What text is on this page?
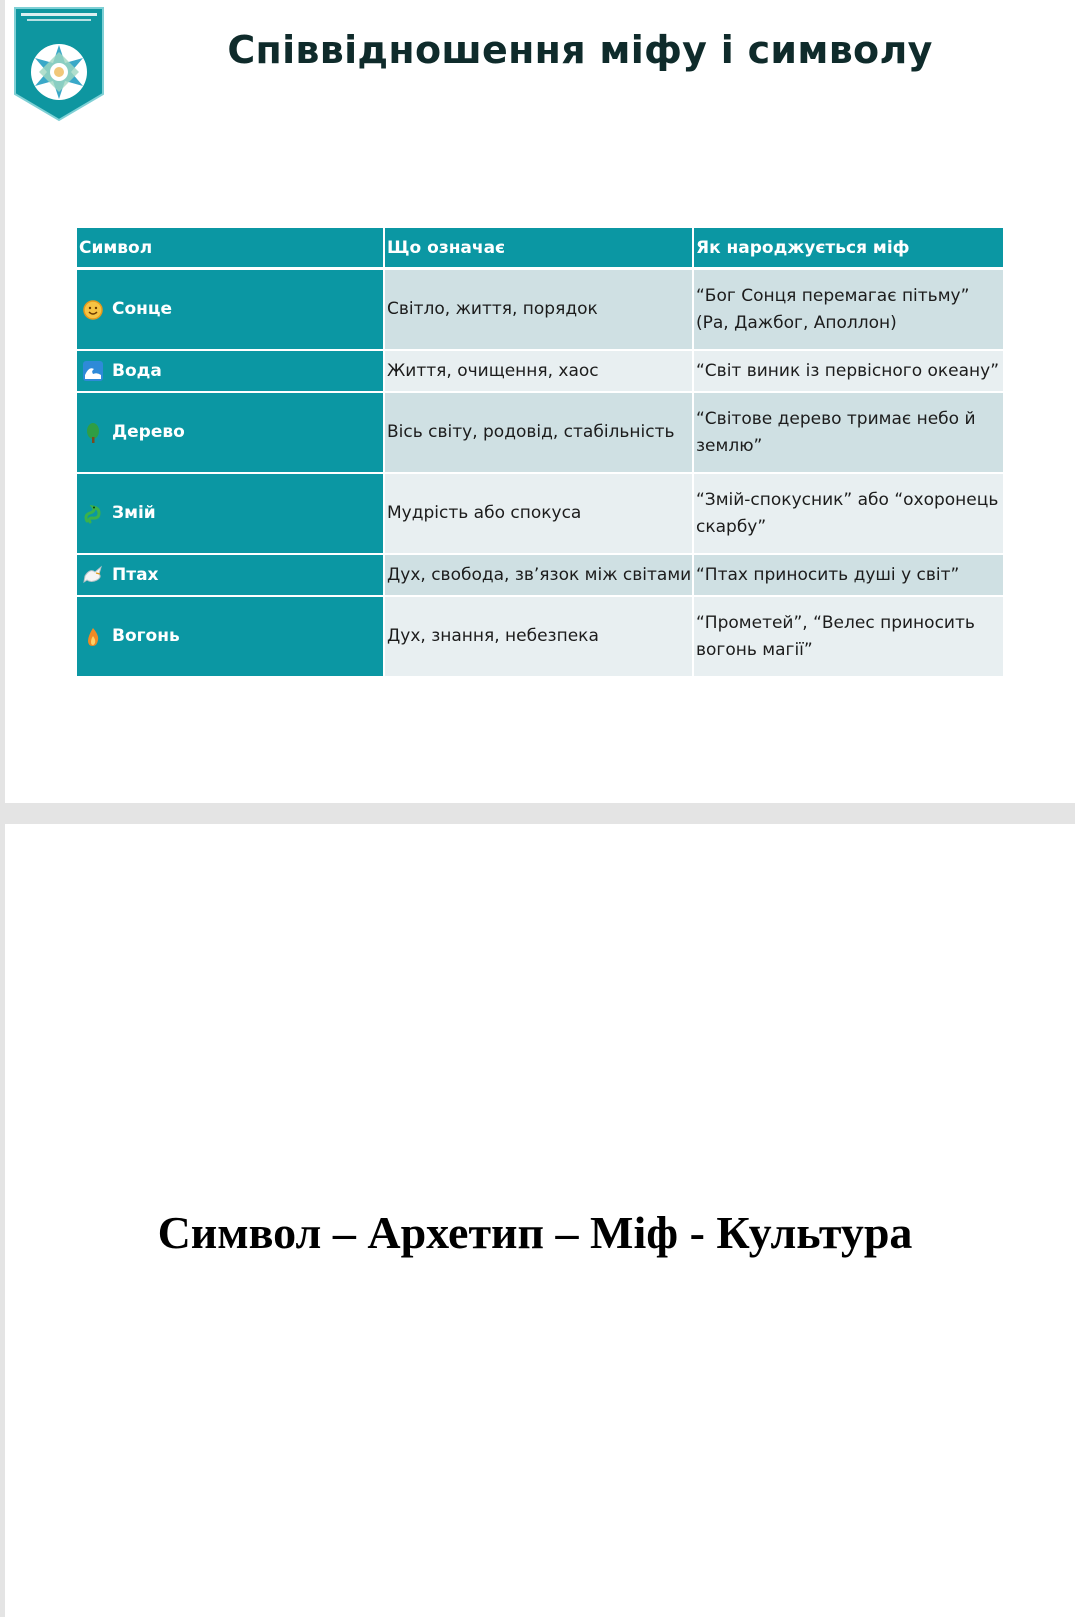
Співвідношення міфу і символу
Символ	Що означає	Як народжується міф

Сонце	Світло, життя, порядок	“Бог Сонця перемагає пітьму” (Ра, Дажбог, Аполлон)

Вода	Життя, очищення, хаос	“Світ виник із первісного океану”

Дерево	Вісь світу, родовід, стабільність	“Світове дерево тримає небо й землю”

Змій	Мудрість або спокуса	“Змій-спокусник” або “охоронець скарбу”

Птах	Дух, свобода, зв’язок між світами	“Птах приносить душі у світ”

Вогонь	Дух, знання, небезпека	“Прометей”, “Велес приносить вогонь магії”
Символ – Архетип – Міф - Культура
